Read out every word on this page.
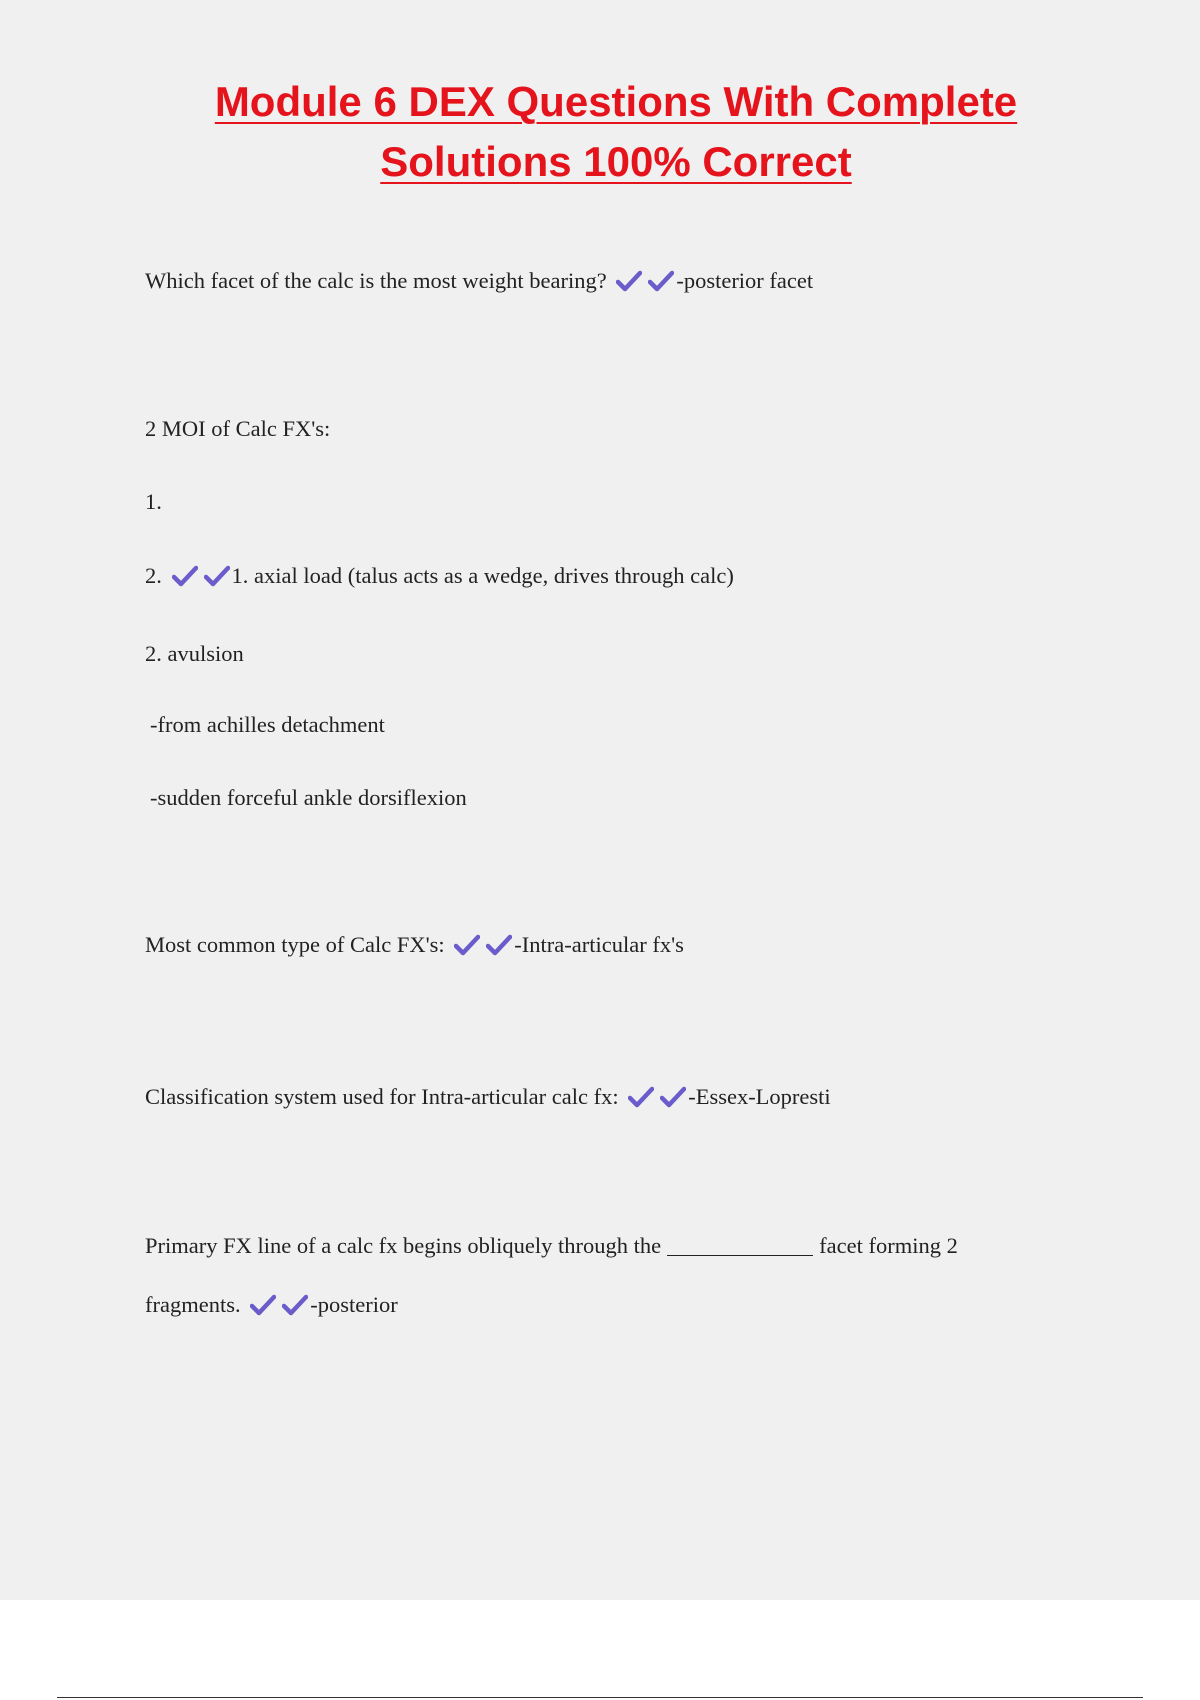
Module 6 DEX Questions With Complete
Solutions 100% Correct

Which facet of the calc is the most weight bearing?	-posterior facet

2 MOI of Calc FX's:

1.

2.	1. axial load (talus acts as a wedge, drives through calc)

2. avulsion

-from achilles detachment

-sudden forceful ankle dorsiflexion

Most common type of Calc FX's:	-Intra-articular fx's

Classification system used for Intra-articular calc fx:	-Essex-Lopresti

Primary FX line of a calc fx begins obliquely through the	facet forming 2

fragments.	-posterior
